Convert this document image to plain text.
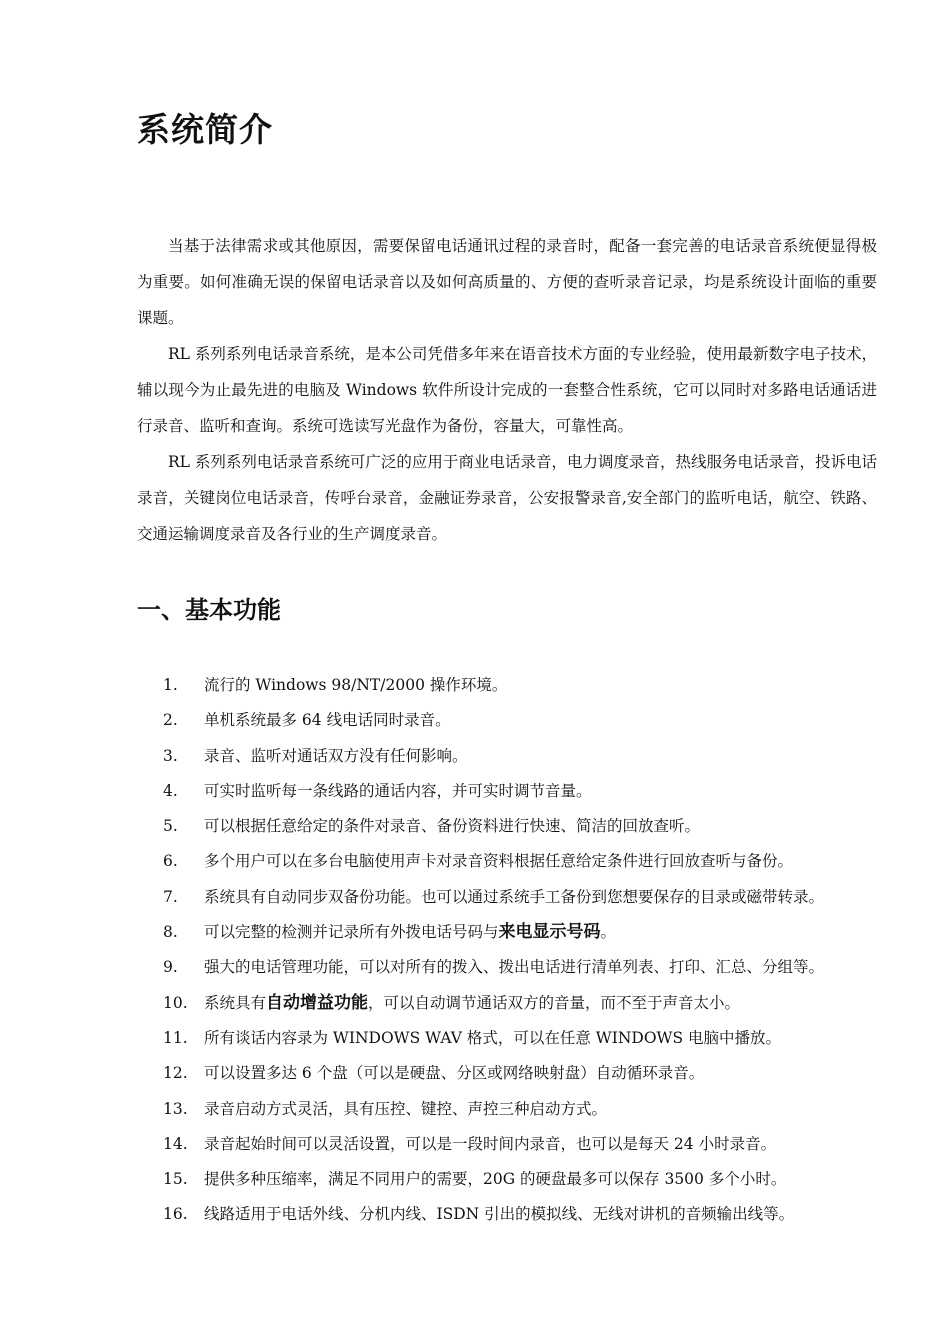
系统简介

当基于法律需求或其他原因，需要保留电话通讯过程的录音时，配备一套完善的电话录音系统便显得极为重要。如何准确无误的保留电话录音以及如何高质量的、方便的查听录音记录，均是系统设计面临的重要课题。

RL 系列系列电话录音系统，是本公司凭借多年来在语音技术方面的专业经验，使用最新数字电子技术，辅以现今为止最先进的电脑及 Windows 软件所设计完成的一套整合性系统，它可以同时对多路电话通话进行录音、监听和查询。系统可选读写光盘作为备份，容量大，可靠性高。

RL 系列系列电话录音系统可广泛的应用于商业电话录音，电力调度录音，热线服务电话录音，投诉电话录音，关键岗位电话录音，传呼台录音，金融证券录音，公安报警录音,安全部门的监听电话，航空、铁路、交通运输调度录音及各行业的生产调度录音。

一、基本功能
1. 流行的 Windows 98/NT/2000 操作环境。
2. 单机系统最多 64 线电话同时录音。
3. 录音、监听对通话双方没有任何影响。
4. 可实时监听每一条线路的通话内容，并可实时调节音量。
5. 可以根据任意给定的条件对录音、备份资料进行快速、简洁的回放查听。
6. 多个用户可以在多台电脑使用声卡对录音资料根据任意给定条件进行回放查听与备份。
7. 系统具有自动同步双备份功能。也可以通过系统手工备份到您想要保存的目录或磁带转录。
8. 可以完整的检测并记录所有外拨电话号码与来电显示号码。
9. 强大的电话管理功能，可以对所有的拨入、拨出电话进行清单列表、打印、汇总、分组等。
10. 系统具有自动增益功能，可以自动调节通话双方的音量，而不至于声音太小。
11. 所有谈话内容录为 WINDOWS WAV 格式，可以在任意 WINDOWS 电脑中播放。
12. 可以设置多达 6 个盘（可以是硬盘、分区或网络映射盘）自动循环录音。
13. 录音启动方式灵活，具有压控、键控、声控三种启动方式。
14. 录音起始时间可以灵活设置，可以是一段时间内录音，也可以是每天 24 小时录音。
15. 提供多种压缩率，满足不同用户的需要，20G 的硬盘最多可以保存 3500 多个小时。
16. 线路适用于电话外线、分机内线、ISDN 引出的模拟线、无线对讲机的音频输出线等。
